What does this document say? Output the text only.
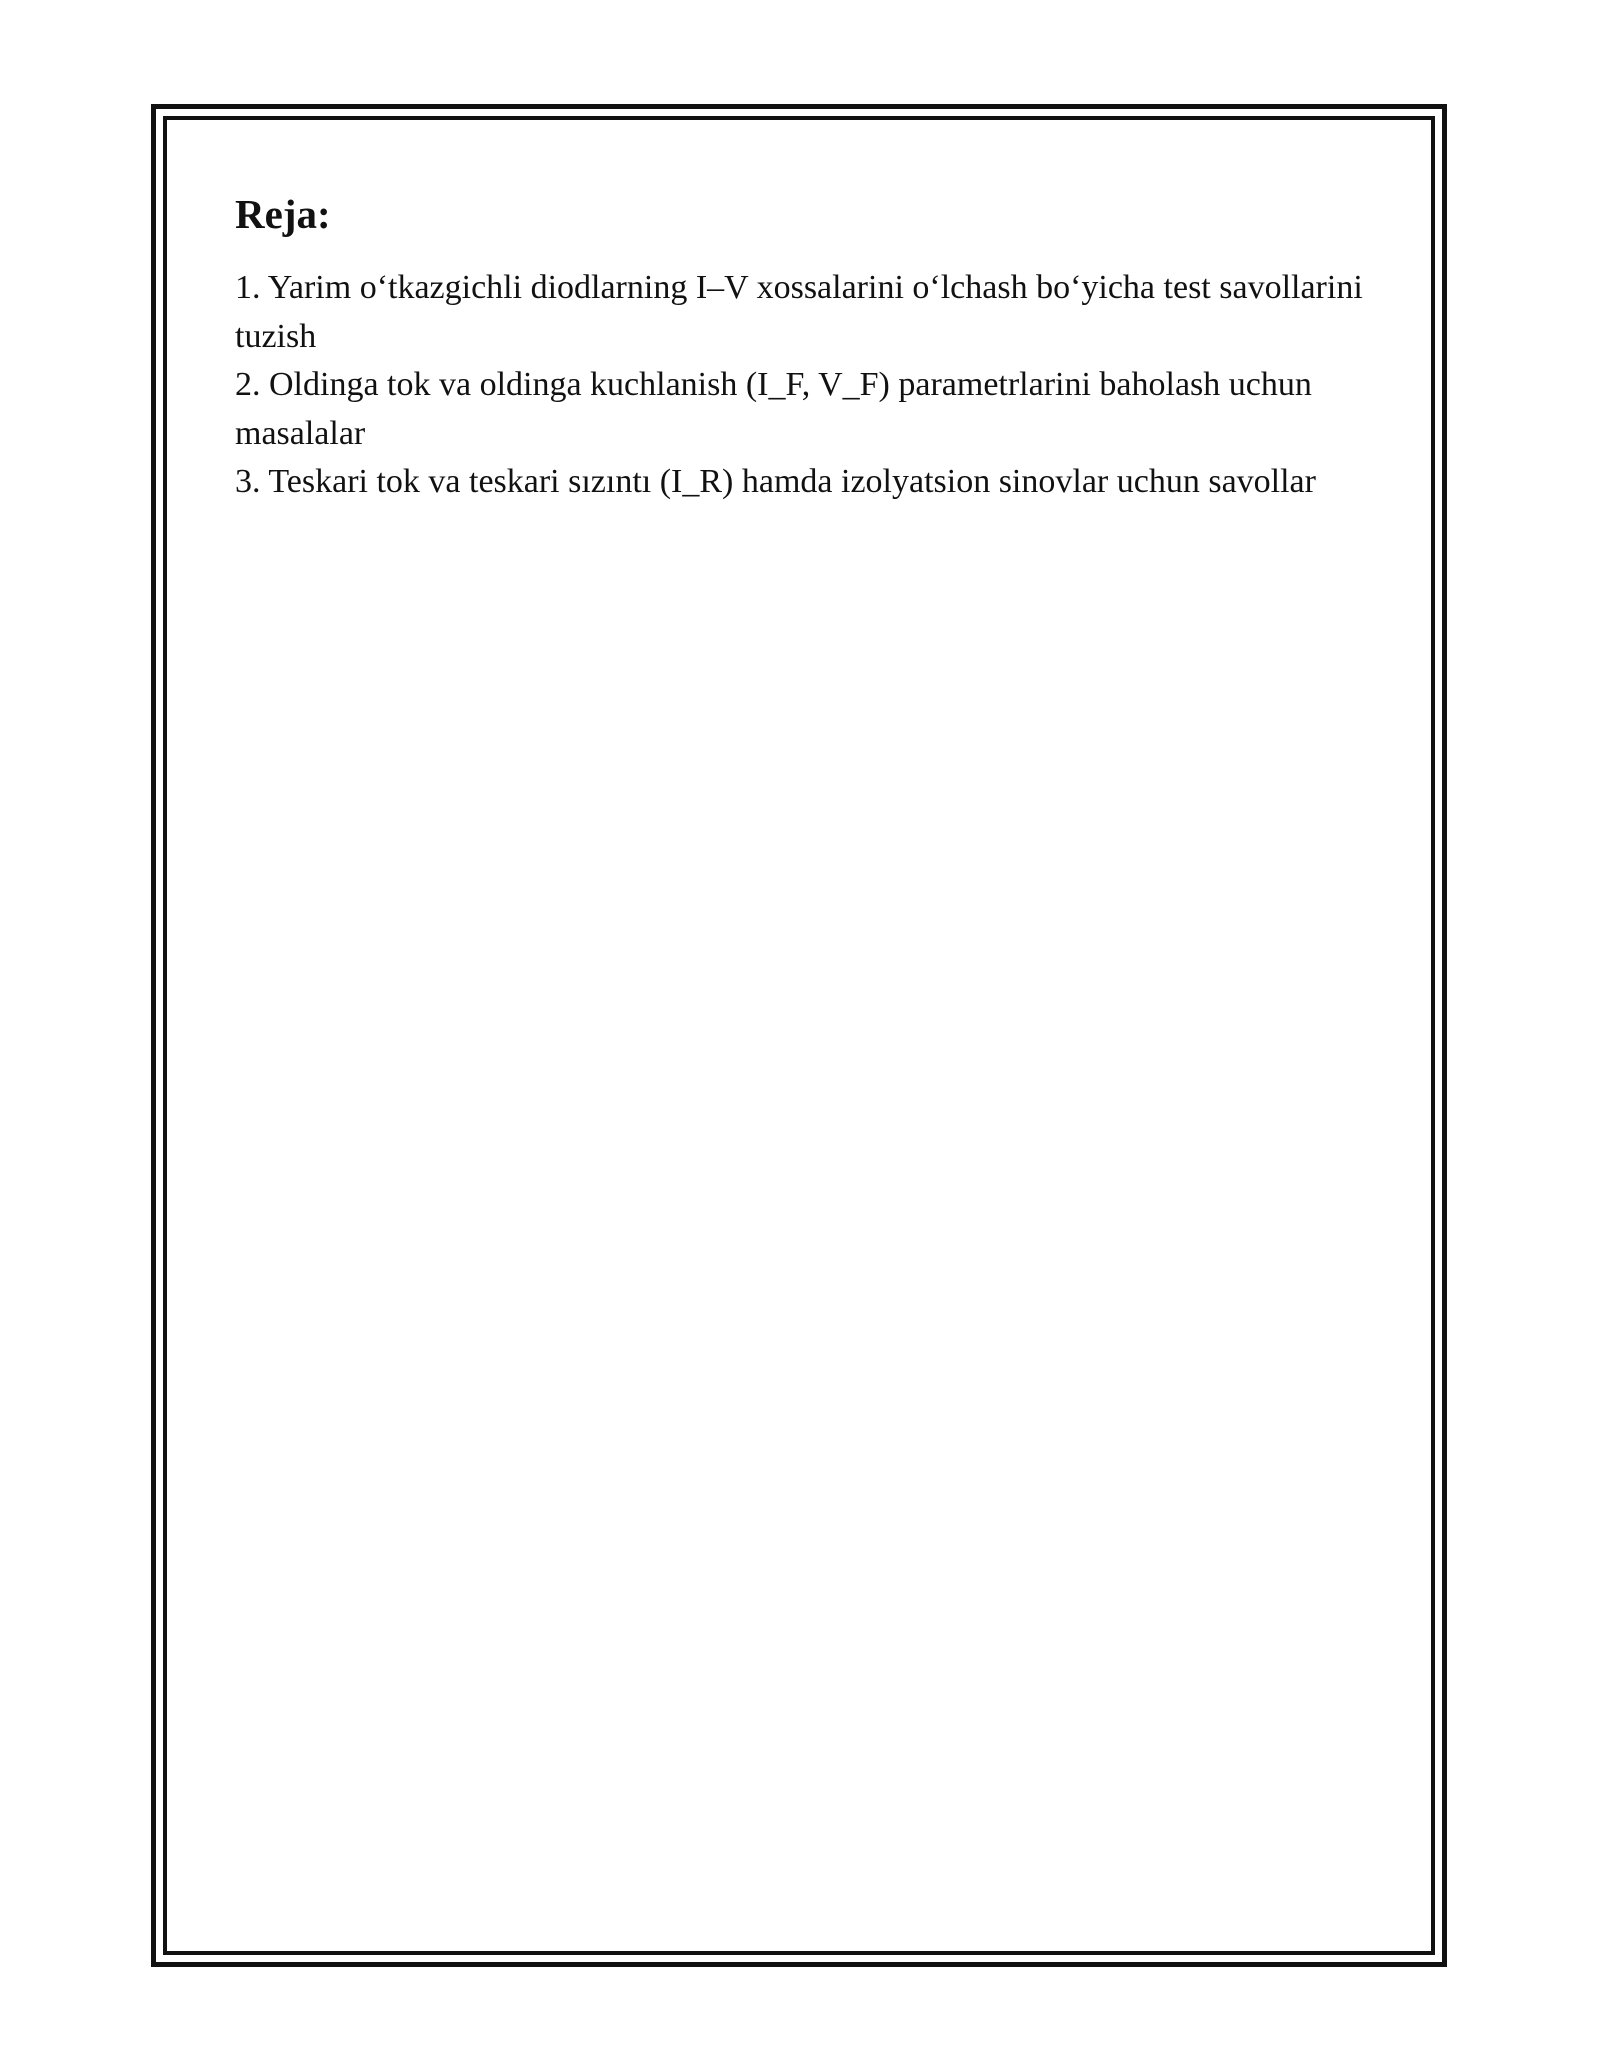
Reja:
1. Yarim o‘tkazgichli diodlarning I–V xossalarini o‘lchash bo‘yicha test savollarini tuzish
2. Oldinga tok va oldinga kuchlanish (I_F, V_F) parametrlarini baholash uchun masalalar
3. Teskari tok va teskari sızıntı (I_R) hamda izolyatsion sinovlar uchun savollar
